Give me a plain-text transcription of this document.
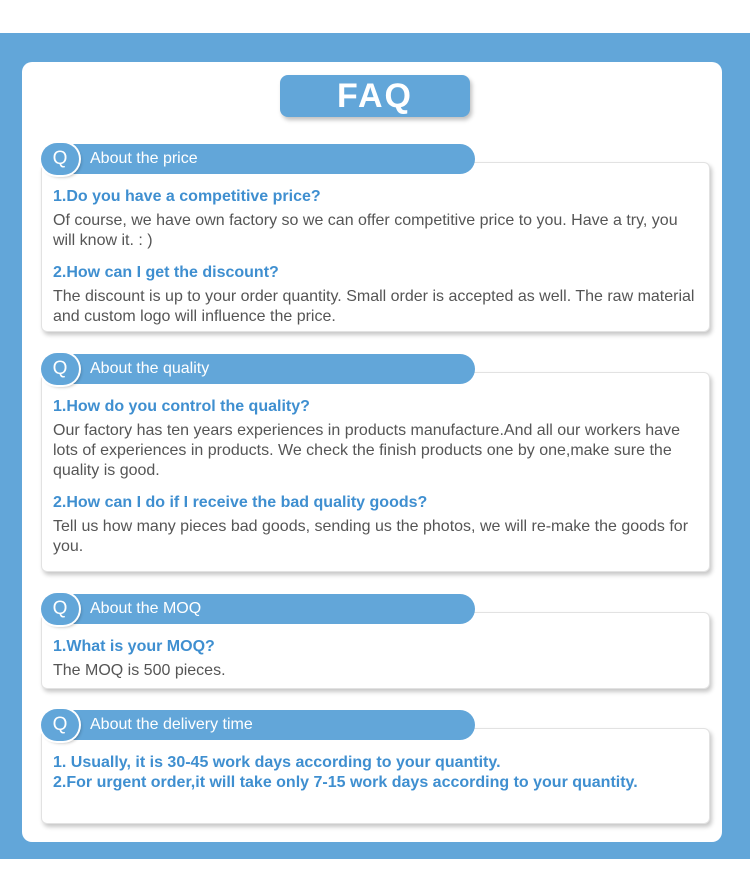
FAQ
1.Do you have a competitive price?
Of course, we have own factory so we can offer competitive price to you. Have a try, you will know it. : )
2.How can I get the discount?
The discount is up to your order quantity. Small order is accepted as well. The raw material and custom logo will influence the price.
Q	About the price
1.How do you control the quality?
Our factory has ten years experiences in products manufacture.And all our workers have lots of experiences in products. We check the finish products one by one,make sure the quality is good.
2.How can I do if I receive the bad quality goods?
Tell us how many pieces bad goods, sending us the photos, we will re-make the goods for you.
Q	About the quality
1.What is your MOQ?
The MOQ is 500 pieces.
Q	About the MOQ
1. Usually, it is 30-45 work days according to your quantity.
2.For urgent order,it will take only 7-15 work days according to your quantity.
Q	About the delivery time
